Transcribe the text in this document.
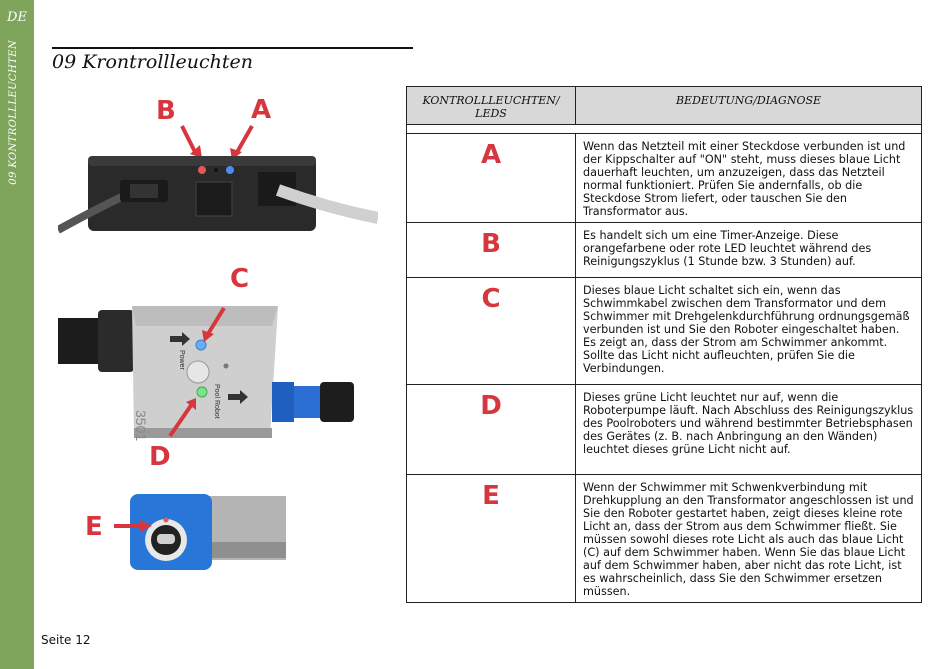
DE
09 KONTROLLLEUCHTEN 09 Krontrollleuchten
B	A
C
D
Power
Pool Robot
3501
E
KONTROLLLEUCHTEN/ LEDS	BEDEUTUNG/DIAGNOSE

A	Wenn das Netzteil mit einer Steckdose verbunden ist und der Kippschalter auf "ON" steht, muss dieses blaue Licht dauerhaft leuchten, um anzuzeigen, dass das Netzteil normal funktioniert. Prüfen Sie andernfalls, ob die Steckdose Strom liefert, oder tauschen Sie den Transformator aus.
B	Es handelt sich um eine Timer-Anzeige. Diese orangefarbene oder rote LED leuchtet während des Reinigungszyklus (1 Stunde bzw. 3 Stunden) auf.
C	Dieses blaue Licht schaltet sich ein, wenn das Schwimmkabel zwischen dem Transformator und dem Schwimmer mit Drehgelenkdurchführung ordnungsgemäß verbunden ist und Sie den Roboter eingeschaltet haben. Es zeigt an, dass der Strom am Schwimmer ankommt. Sollte das Licht nicht aufleuchten, prüfen Sie die Verbindungen.
D	Dieses grüne Licht leuchtet nur auf, wenn die Roboterpumpe läuft. Nach Abschluss des Reinigungszyklus des Poolroboters und während bestimmter Betriebsphasen des Gerätes (z. B. nach Anbringung an den Wänden) leuchtet dieses grüne Licht nicht auf.
E	Wenn der Schwimmer mit Schwenkverbindung mit Drehkupplung an den Transformator angeschlossen ist und Sie den Roboter gestartet haben, zeigt dieses kleine rote Licht an, dass der Strom aus dem Schwimmer fließt. Sie müssen sowohl dieses rote Licht als auch das blaue Licht (C) auf dem Schwimmer haben. Wenn Sie das blaue Licht auf dem Schwimmer haben, aber nicht das rote Licht, ist es wahrscheinlich, dass Sie den Schwimmer ersetzen müssen.
Seite 12
